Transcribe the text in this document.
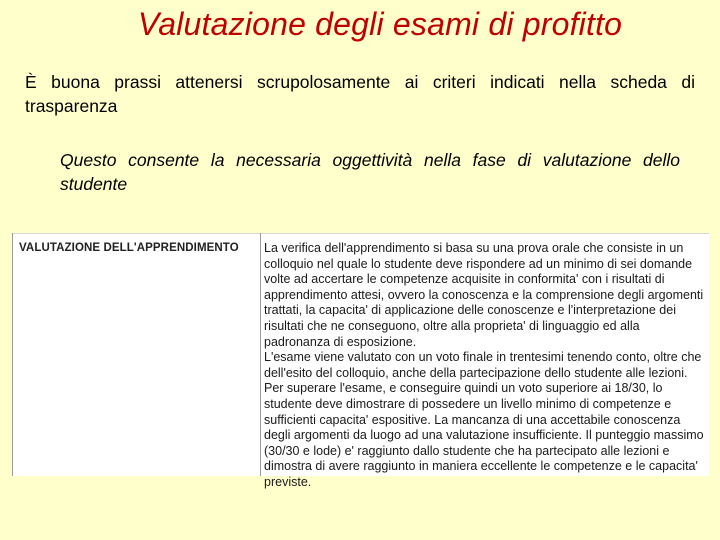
Valutazione degli esami di profitto
È buona prassi attenersi scrupolosamente ai criteri indicati nella scheda di trasparenza
Questo consente la necessaria oggettività nella fase di valutazione dello studente
VALUTAZIONE DELL'APPRENDIMENTO	La verifica dell'apprendimento si basa su una prova orale che consiste in un
colloquio nel quale lo studente deve rispondere ad un minimo di sei domande
volte ad accertare le competenze acquisite in conformita' con i risultati di
apprendimento attesi, ovvero la conoscenza e la comprensione degli argomenti
trattati, la capacita' di applicazione delle conoscenze e l'interpretazione dei
risultati che ne conseguono, oltre alla proprieta' di linguaggio ed alla
padronanza di esposizione.
L'esame viene valutato con un voto finale in trentesimi tenendo conto, oltre che
dell'esito del colloquio, anche della partecipazione dello studente alle lezioni.
Per superare l'esame, e conseguire quindi un voto superiore ai 18/30, lo
studente deve dimostrare di possedere un livello minimo di competenze e
sufficienti capacita' espositive. La mancanza di una accettabile conoscenza
degli argomenti da luogo ad una valutazione insufficiente. Il punteggio massimo
(30/30 e lode) e' raggiunto dallo studente che ha partecipato alle lezioni e
dimostra di avere raggiunto in maniera eccellente le competenze e le capacita'
previste.
